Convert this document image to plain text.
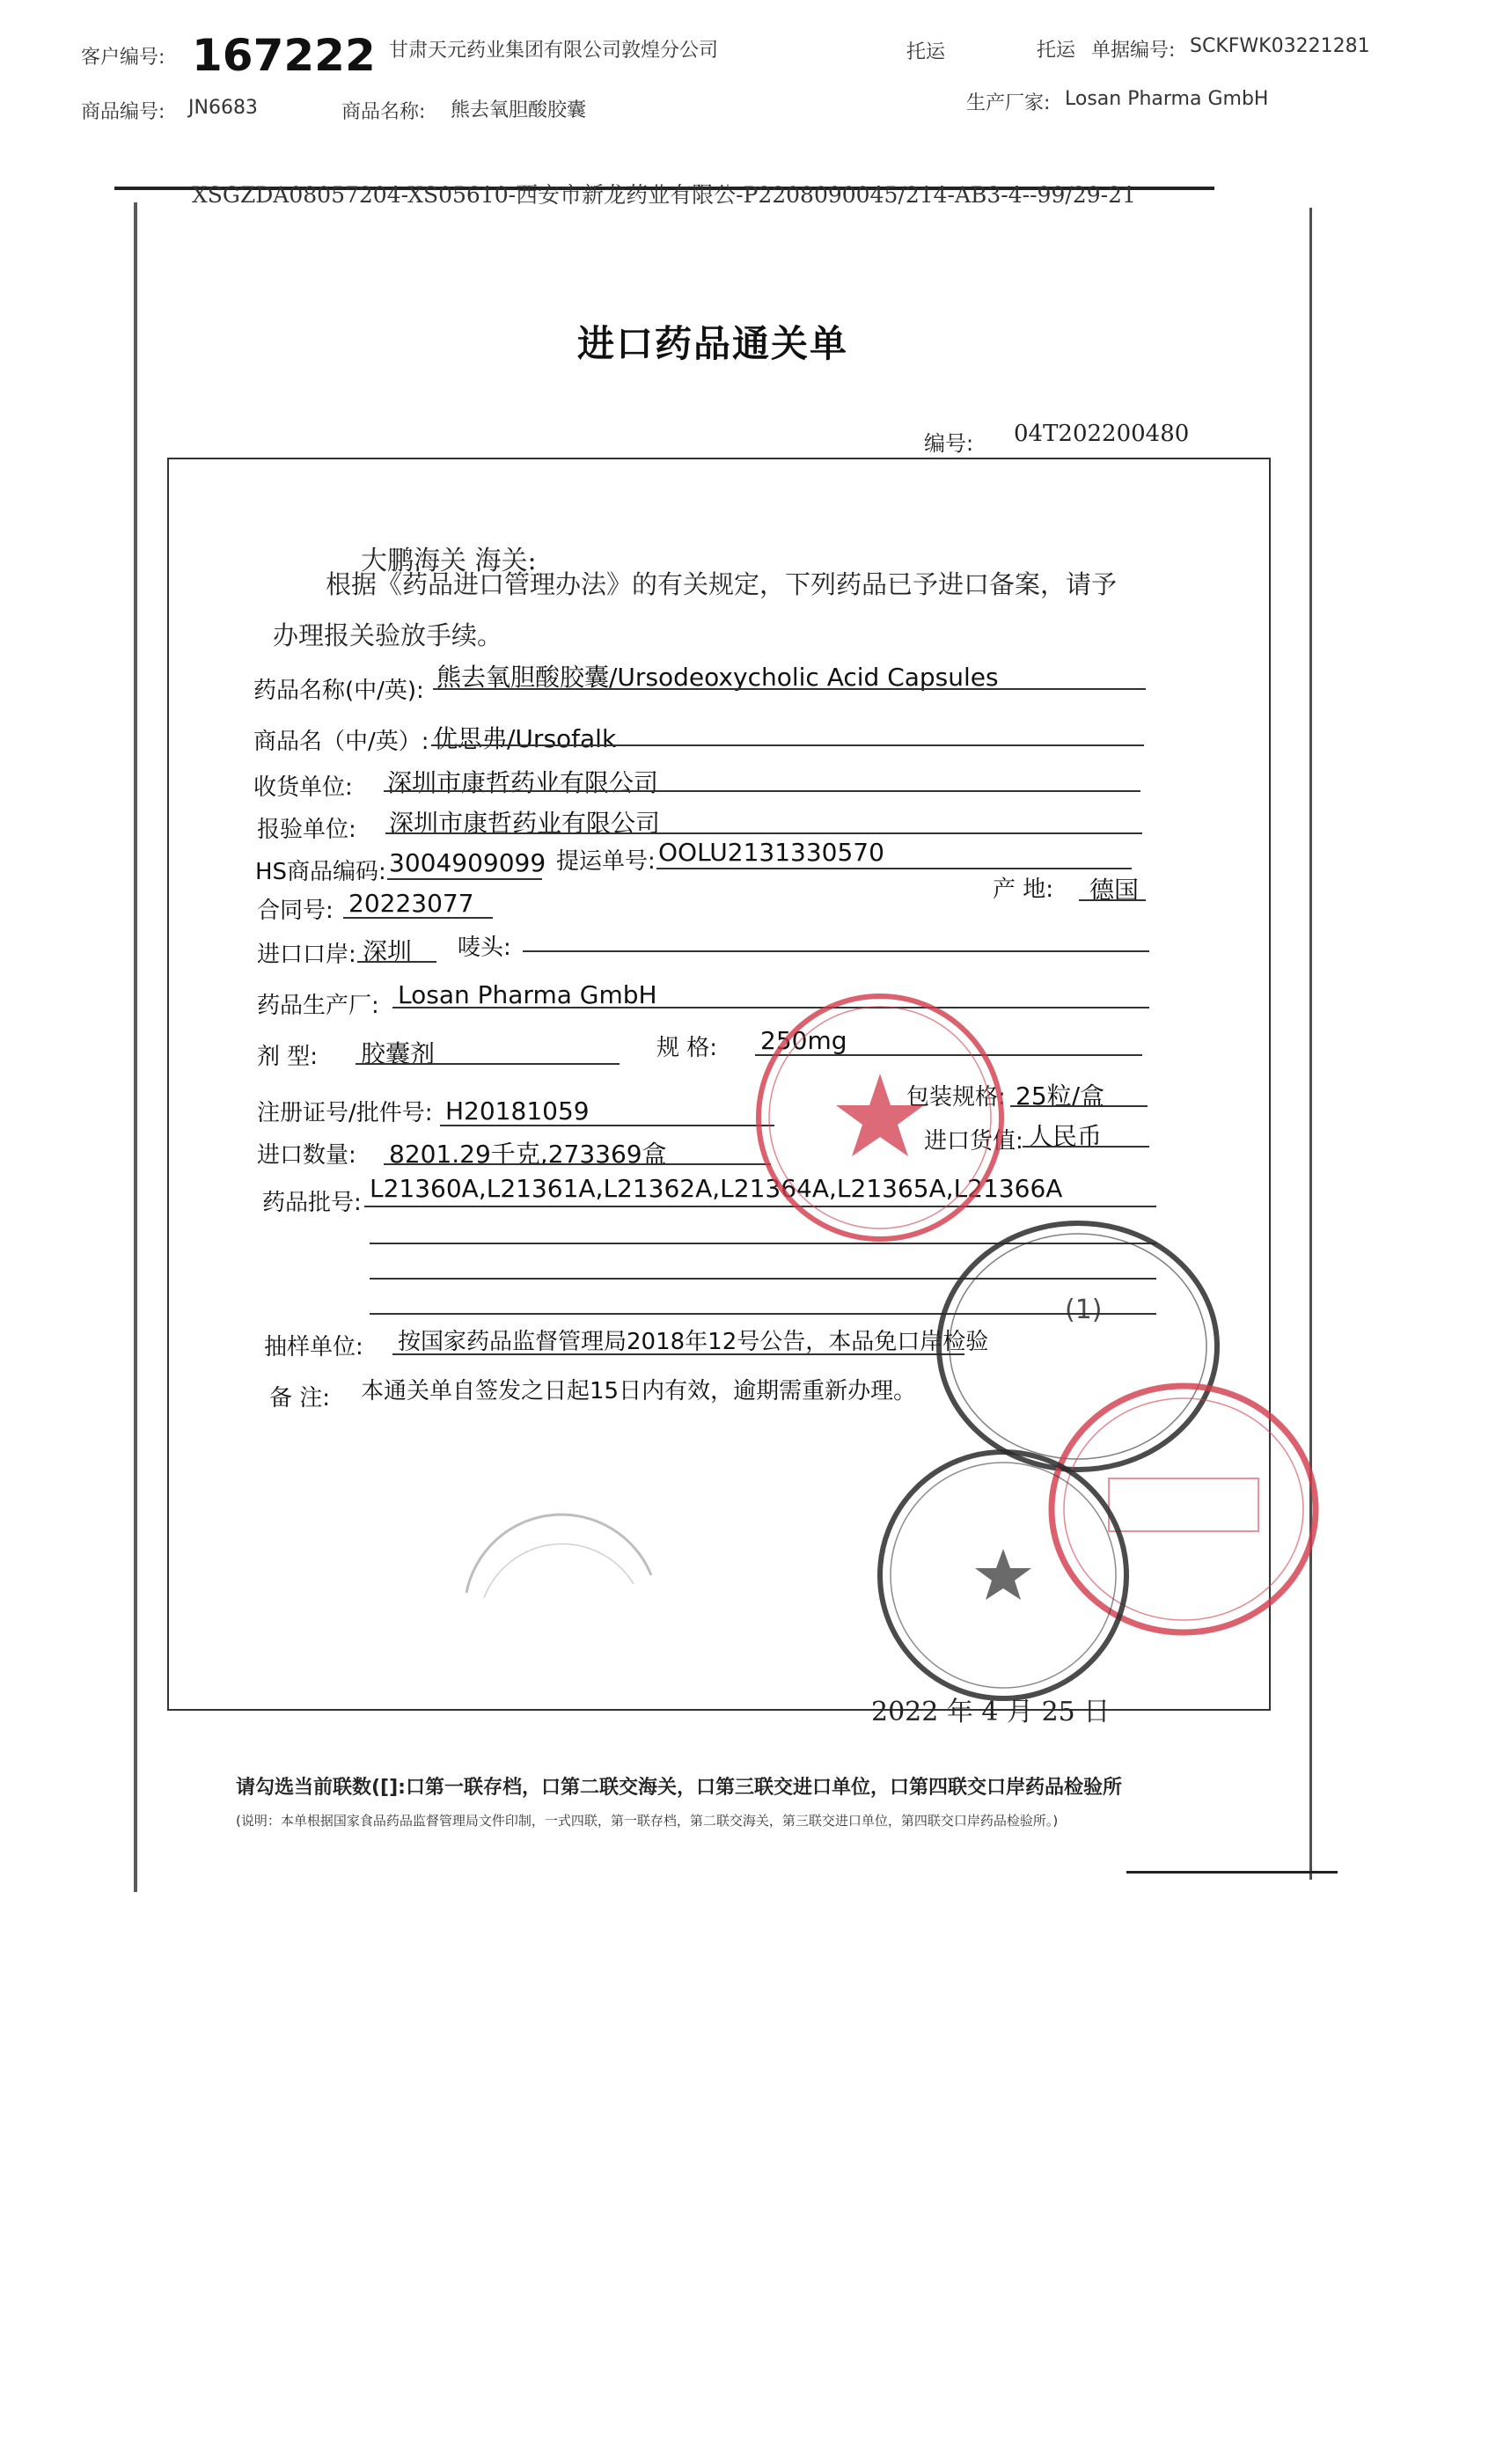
客户编号: 167222 甘肃天元药业集团有限公司敦煌分公司	托运	托运 单据编号: SCKFWK03221281
商品编号: JN6683	商品名称: 熊去氧胆酸胶囊	生产厂家: Losan Pharma GmbH
XSGZDA08057204-XS05610-西安市新龙药业有限公-P2208090045/214-AB3-4--99/29-21
进口药品通关单
编号: 04T202200480
大鹏海关 海关:
根据《药品进口管理办法》的有关规定，下列药品已予进口备案，请予
办理报关验放手续。
药品名称(中/英): 熊去氧胆酸胶囊/Ursodeoxycholic Acid Capsules
商品名（中/英）: 优思弗/Ursofalk
收货单位: 深圳市康哲药业有限公司
报验单位: 深圳市康哲药业有限公司
HS商品编码: 3004909099 提运单号: OOLU2131330570
产 地: 德国
合同号: 20223077
进口口岸: 深圳 唛头:
药品生产厂: Losan Pharma GmbH
剂 型: 胶囊剂	规 格: 250mg
注册证号/批件号: H20181059	包装规格: 25粒/盒
进口数量: 8201.29千克,273369盒	进口货值: 人民币
药品批号: L21360A,L21361A,L21362A,L21364A,L21365A,L21366A
抽样单位: 按国家药品监督管理局2018年12号公告，本品免口岸检验
备 注: 本通关单自签发之日起15日内有效，逾期需重新办理。
(1)
2022 年 4 月 25 日
请勾选当前联数([]:口第一联存档，口第二联交海关，口第三联交进口单位，口第四联交口岸药品检验所
(说明：本单根据国家食品药品监督管理局文件印制，一式四联，第一联存档，第二联交海关，第三联交进口单位，第四联交口岸药品检验所。)
